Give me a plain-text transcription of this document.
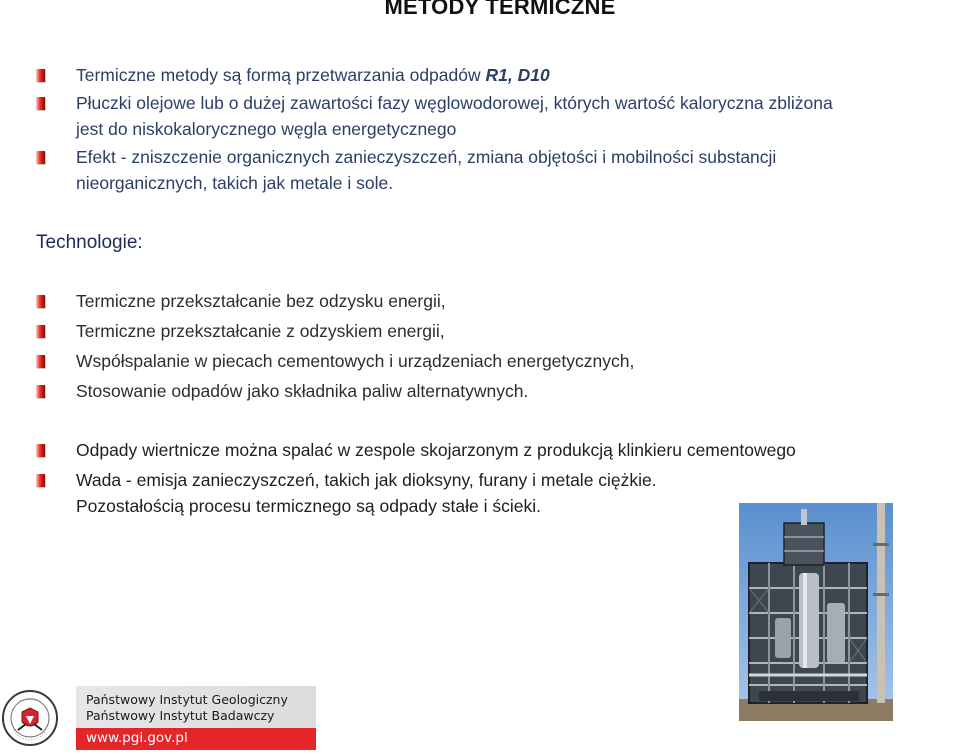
METODY TERMICZNE
Termiczne metody są formą przetwarzania odpadów R1, D10
Płuczki olejowe lub o dużej zawartości fazy węglowodorowej, których wartość kaloryczna zbliżona
jest do niskokalorycznego węgla energetycznego
Efekt - zniszczenie organicznych zanieczyszczeń, zmiana objętości i mobilności substancji
nieorganicznych, takich jak metale i sole.
Technologie:
Termiczne przekształcanie bez odzysku energii,
Termiczne przekształcanie z odzyskiem energii,
Współspalanie w piecach cementowych i urządzeniach energetycznych,
Stosowanie odpadów jako składnika paliw alternatywnych.
Odpady wiertnicze można spalać w zespole skojarzonym z produkcją klinkieru cementowego
Wada - emisja zanieczyszczeń, takich jak dioksyny, furany i metale ciężkie.
Pozostałością procesu termicznego są odpady stałe i ścieki.
Państwowy Instytut Geologiczny
Państwowy Instytut Badawczy
www.pgi.gov.pl
